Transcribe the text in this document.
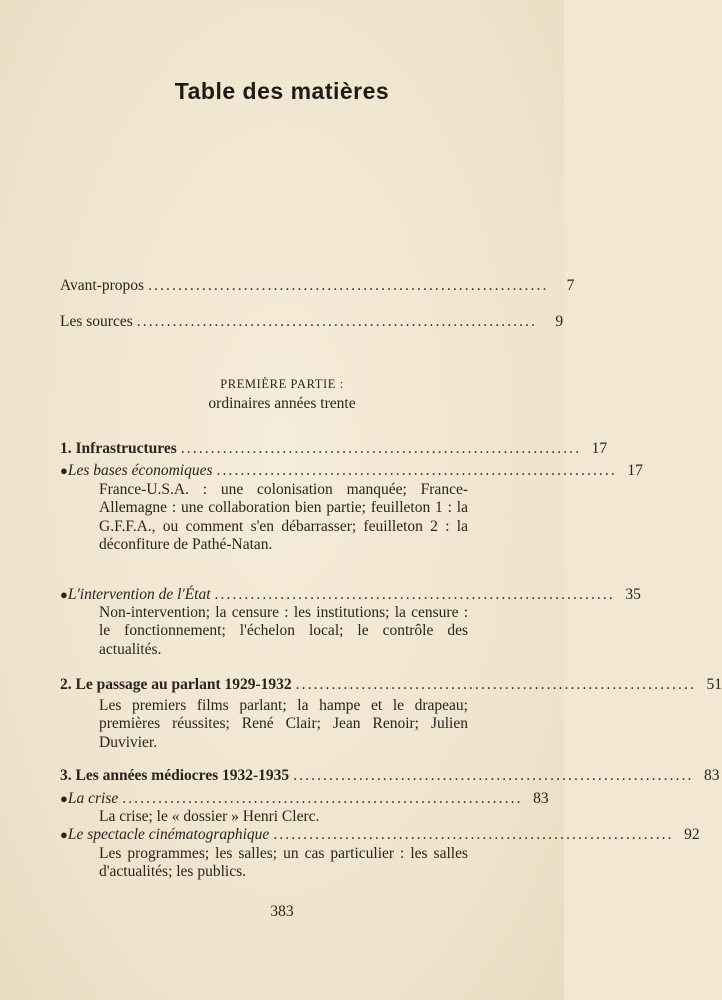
Table des matières
Avant-propos ...................................................................	7
Les sources ...................................................................	9
PREMIÈRE PARTIE :
ordinaires années trente
1. Infrastructures ................................................................... 17
● Les bases économiques ................................................................... 17
France-U.S.A. : une colonisation manquée; France-Allemagne : une collaboration bien partie; feuilleton 1 : la G.F.F.A., ou comment s'en débarrasser; feuilleton 2 : la déconfiture de Pathé-Natan.
● L'intervention de l'État ................................................................... 35
Non-intervention; la censure : les institutions; la censure : le fonctionnement; l'échelon local; le contrôle des actualités.
2. Le passage au parlant 1929-1932 ................................................................... 51
Les premiers films parlant; la hampe et le drapeau; premières réussites; René Clair; Jean Renoir; Julien Duvivier.
3. Les années médiocres 1932-1935 ................................................................... 83
● La crise ................................................................... 83
La crise; le « dossier » Henri Clerc.
● Le spectacle cinématographique ................................................................... 92
Les programmes; les salles; un cas particulier : les salles d'actualités; les publics.
383
